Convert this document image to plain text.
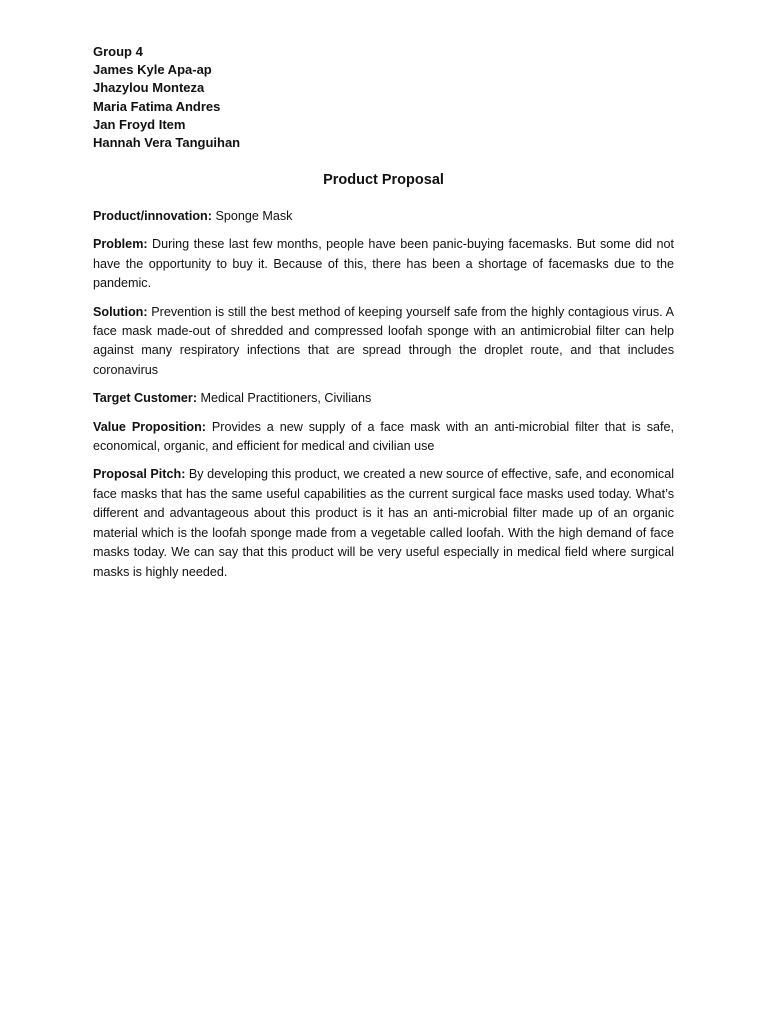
Group 4
James Kyle Apa-ap
Jhazylou Monteza
Maria Fatima Andres
Jan Froyd Item
Hannah Vera Tanguihan
Product Proposal

Product/innovation: Sponge Mask

Problem: During these last few months, people have been panic-buying facemasks. But some did not have the opportunity to buy it. Because of this, there has been a shortage of facemasks due to the pandemic.

Solution: Prevention is still the best method of keeping yourself safe from the highly contagious virus. A face mask made-out of shredded and compressed loofah sponge with an antimicrobial filter can help against many respiratory infections that are spread through the droplet route, and that includes coronavirus

Target Customer: Medical Practitioners, Civilians

Value Proposition: Provides a new supply of a face mask with an anti-microbial filter that is safe, economical, organic, and efficient for medical and civilian use

Proposal Pitch: By developing this product, we created a new source of effective, safe, and economical face masks that has the same useful capabilities as the current surgical face masks used today. What’s different and advantageous about this product is it has an anti-microbial filter made up of an organic material which is the loofah sponge made from a vegetable called loofah. With the high demand of face masks today. We can say that this product will be very useful especially in medical field where surgical masks is highly needed.
